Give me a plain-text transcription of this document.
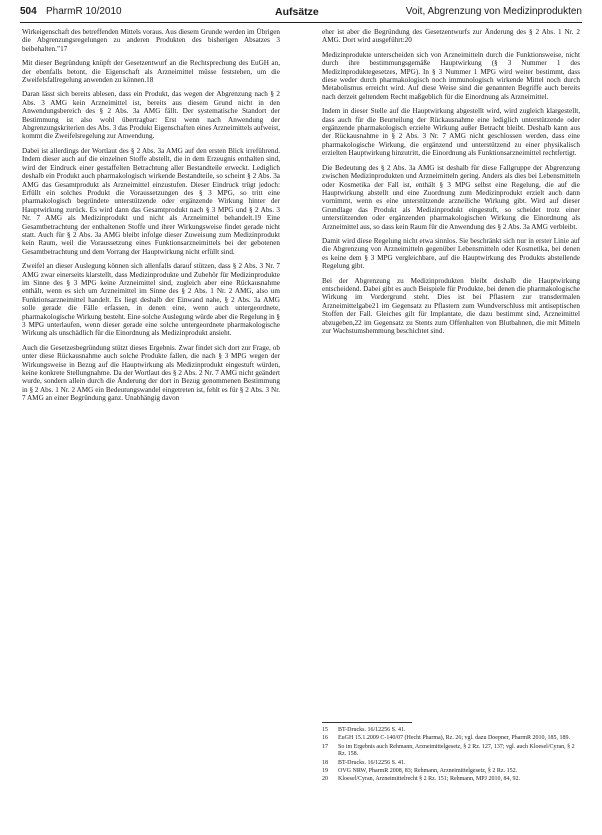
504 PharmR 10/2010	Aufsätze	Voit, Abgrenzung von Medizinprodukten

Wirkeigenschaft des betreffenden Mittels voraus. Aus diesem Grunde werden im Übrigen die Abgrenzungsregelungen zu anderen Produkten des bisherigen Absatzes 3 beibehalten.”17

Mit dieser Begründung knüpft der Gesetzentwurf an die Rechtsprechung des EuGH an, der ebenfalls betont, die Eigenschaft als Arzneimittel müsse feststehen, um die Zweifelsfallregelung anwenden zu können.18

Daran lässt sich bereits ablesen, dass ein Produkt, das wegen der Abgrenzung nach § 2 Abs. 3 AMG kein Arzneimittel ist, bereits aus diesem Grund nicht in den Anwendungsbereich des § 2 Abs. 3a AMG fällt. Der systematische Standort der Bestimmung ist also wohl übertragbar: Erst wenn nach Anwendung der Abgrenzungskriterien des Abs. 3 das Produkt Eigenschaften eines Arzneimittels aufweist, kommt die Zweifelsregelung zur Anwendung.

Dabei ist allerdings der Wortlaut des § 2 Abs. 3a AMG auf den ersten Blick irreführend. Indem dieser auch auf die einzelnen Stoffe abstellt, die in dem Erzeugnis enthalten sind, wird der Eindruck einer gestaffelten Betrachtung aller Bestandteile erweckt. Lediglich deshalb ein Produkt auch pharmakologisch wirkende Bestandteile, so scheint § 2 Abs. 3a AMG das Gesamtprodukt als Arzneimittel einzustufen. Dieser Eindruck trügt jedoch: Erfüllt ein solches Produkt die Voraussetzungen des § 3 MPG, so tritt eine pharmakologisch begründete unterstützende oder ergänzende Wirkung hinter der Hauptwirkung zurück. Es wird dann das Gesamtprodukt nach § 3 MPG und § 2 Abs. 3 Nr. 7 AMG als Medizinprodukt und nicht als Arzneimittel behandelt.19 Eine Gesamtbetrachtung der enthaltenen Stoffe und ihrer Wirkungsweise findet gerade nicht statt. Auch für § 2 Abs. 3a AMG bleibt infolge dieser Zuweisung zum Medizinprodukt kein Raum, weil die Voraussetzung eines Funktionsarzneimittels bei der gebotenen Gesamtbetrachtung und dem Vorrang der Hauptwirkung nicht erfüllt sind.

Zweifel an dieser Auslegung können sich allenfalls darauf stützen, dass § 2 Abs. 3 Nr. 7 AMG zwar einerseits klarstellt, dass Medizinprodukte und Zubehör für Medizinprodukte im Sinne des § 3 MPG keine Arzneimittel sind, zugleich aber eine Rückausnahme enthält, wenn es sich um Arzneimittel im Sinne des § 2 Abs. 1 Nr. 2 AMG, also um Funktionsarzneimittel handelt. Es liegt deshalb der Einwand nahe, § 2 Abs. 3a AMG solle gerade die Fälle erfassen, in denen eine, wenn auch untergeordnete, pharmakologische Wirkung besteht. Eine solche Auslegung würde aber die Regelung in § 3 MPG unterlaufen, wenn dieser gerade eine solche untergeordnete pharmakologische Wirkung als unschädlich für die Einordnung als Medizinprodukt ansieht.

Auch die Gesetzesbegründung stützt dieses Ergebnis. Zwar findet sich dort zur Frage, ob unter diese Rückausnahme auch solche Produkte fallen, die nach § 3 MPG wegen der Wirkungsweise in Bezug auf die Hauptwirkung als Medizinprodukt eingestuft würden, keine konkrete Stellungnahme. Da der Wortlaut des § 2 Abs. 2 Nr. 7 AMG nicht geändert wurde, sondern allein durch die Änderung der dort in Bezug genommenen Bestimmung in § 2 Abs. 1 Nr. 2 AMG ein Bedeutungswandel eingetreten ist, fehlt es für § 2 Abs. 3 Nr. 7 AMG an einer Begründung ganz. Unabhängig davon

eher ist aber die Begründung des Gesetzentwurfs zur Änderung des § 2 Abs. 1 Nr. 2 AMG. Dort wird ausgeführt:20

Medizinprodukte unterscheiden sich von Arzneimitteln durch die Funktionsweise, nicht durch ihre bestimmungsgemäße Hauptwirkung (§ 3 Nummer 1 des Medizinproduktegesetzes, MPG). In § 3 Nummer 1 MPG wird weiter bestimmt, dass diese weder durch pharmakologisch noch immunologisch wirkende Mittel noch durch Metabolismus erreicht wird. Auf diese Weise sind die genannten Begriffe auch bereits nach derzeit geltendem Recht maßgeblich für die Einordnung als Arzneimittel.

Indem in dieser Stelle auf die Hauptwirkung abgestellt wird, wird zugleich klargestellt, dass auch für die Beurteilung der Rückausnahme eine lediglich unterstützende oder ergänzende pharmakologisch erzielte Wirkung außer Betracht bleibt. Deshalb kann aus der Rückausnahme in § 2 Abs. 3 Nr. 7 AMG nicht geschlossen werden, dass eine pharmakologische Wirkung, die ergänzend und unterstützend zu einer physikalisch erzielten Hauptwirkung hinzutritt, die Einordnung als Funktionsarzneimittel rechtfertigt.

Die Bedeutung des § 2 Abs. 3a AMG ist deshalb für diese Fallgruppe der Abgrenzung zwischen Medizinprodukten und Arzneimitteln gering. Anders als dies bei Lebensmitteln oder Kosmetika der Fall ist, enthält § 3 MPG selbst eine Regelung, die auf die Hauptwirkung abstellt und eine Zuordnung zum Medizinprodukt erzielt auch dann vornimmt, wenn es eine unterstützende arzneiliche Wirkung gibt. Wird auf dieser Grundlage das Produkt als Medizinprodukt eingestuft, so scheidet trotz einer unterstützenden oder ergänzenden pharmakologischen Wirkung die Einordnung als Arzneimittel aus, so dass kein Raum für die Anwendung des § 2 Abs. 3a AMG verbleibt.

Damit wird diese Regelung nicht etwa sinnlos. Sie beschränkt sich nur in erster Linie auf die Abgrenzung von Arzneimitteln gegenüber Lebensmitteln oder Kosmetika, bei denen es keine dem § 3 MPG vergleichbare, auf die Hauptwirkung des Produkts abstellende Regelung gibt.

Bei der Abgrenzung zu Medizinprodukten bleibt deshalb die Hauptwirkung entscheidend. Dabei gibt es auch Beispiele für Produkte, bei denen die pharmakologische Wirkung im Vordergrund steht. Dies ist bei Pflastern zur transdermalen Arzneimittelgabe21 im Gegensatz zu Pflastern zum Wundverschluss mit antiseptischen Stoffen der Fall. Gleiches gilt für Implantate, die dazu bestimmt sind, Arzneimittel abzugeben,22 im Gegensatz zu Stents zum Offenhalten von Blutbahnen, die mit Mitteln zur Wachstumshemmung beschichtet sind.

15	BT-Drucks. 16/12256 S. 41.
16	EuGH 15.1.2009 C-140/07 (Hecht Pharma), Rz. 26; vgl. dazu Doepner, PharmR 2010, 185, 189.
17	So im Ergebnis auch Rehmann, Arzneimittelgesetz, § 2 Rz. 127, 137; vgl. auch Kloesel/Cyran, § 2 Rz. 158.
18	BT-Drucks. 16/12256 S. 41.
19	OVG NRW, PharmR 2008, 83; Rehmann, Arzneimittelgesetz, § 2 Rz. 152.
20	Kloesel/Cyran, Arzneimittelrecht § 2 Rz. 151; Rehmann, MPJ 2010, 84, 92.
